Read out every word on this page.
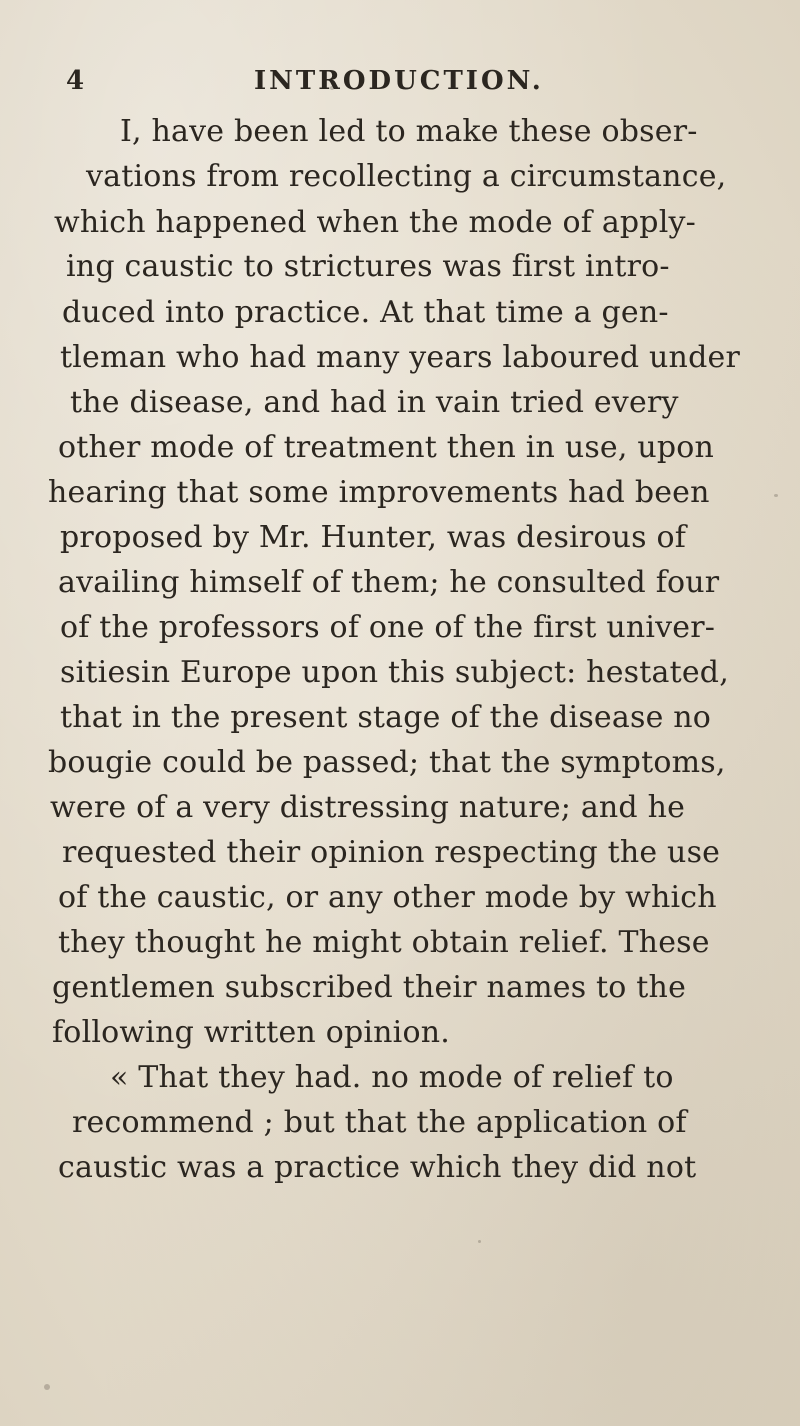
4	INTRODUCTION.
I, have been led to make these obser-
vations from recollecting a circumstance,
which happened when the mode of apply-
ing caustic to strictures was first intro-
duced into practice. At that time a gen-
tleman who had many years laboured under
the disease, and had in vain tried every
other mode of treatment then in use, upon
hearing that some improvements had been
proposed by Mr. Hunter, was desirous of
availing himself of them; he consulted four
of the professors of one of the first univer-
sitiesin Europe upon this subject: hestated,
that in the present stage of the disease no
bougie could be passed; that the symptoms,
were of a very distressing nature; and he
requested their opinion respecting the use
of the caustic, or any other mode by which
they thought he might obtain relief. These
gentlemen subscribed their names to the
following written opinion.
« That they had. no mode of relief to
recommend ; but that the application of
caustic was a practice which they did not
